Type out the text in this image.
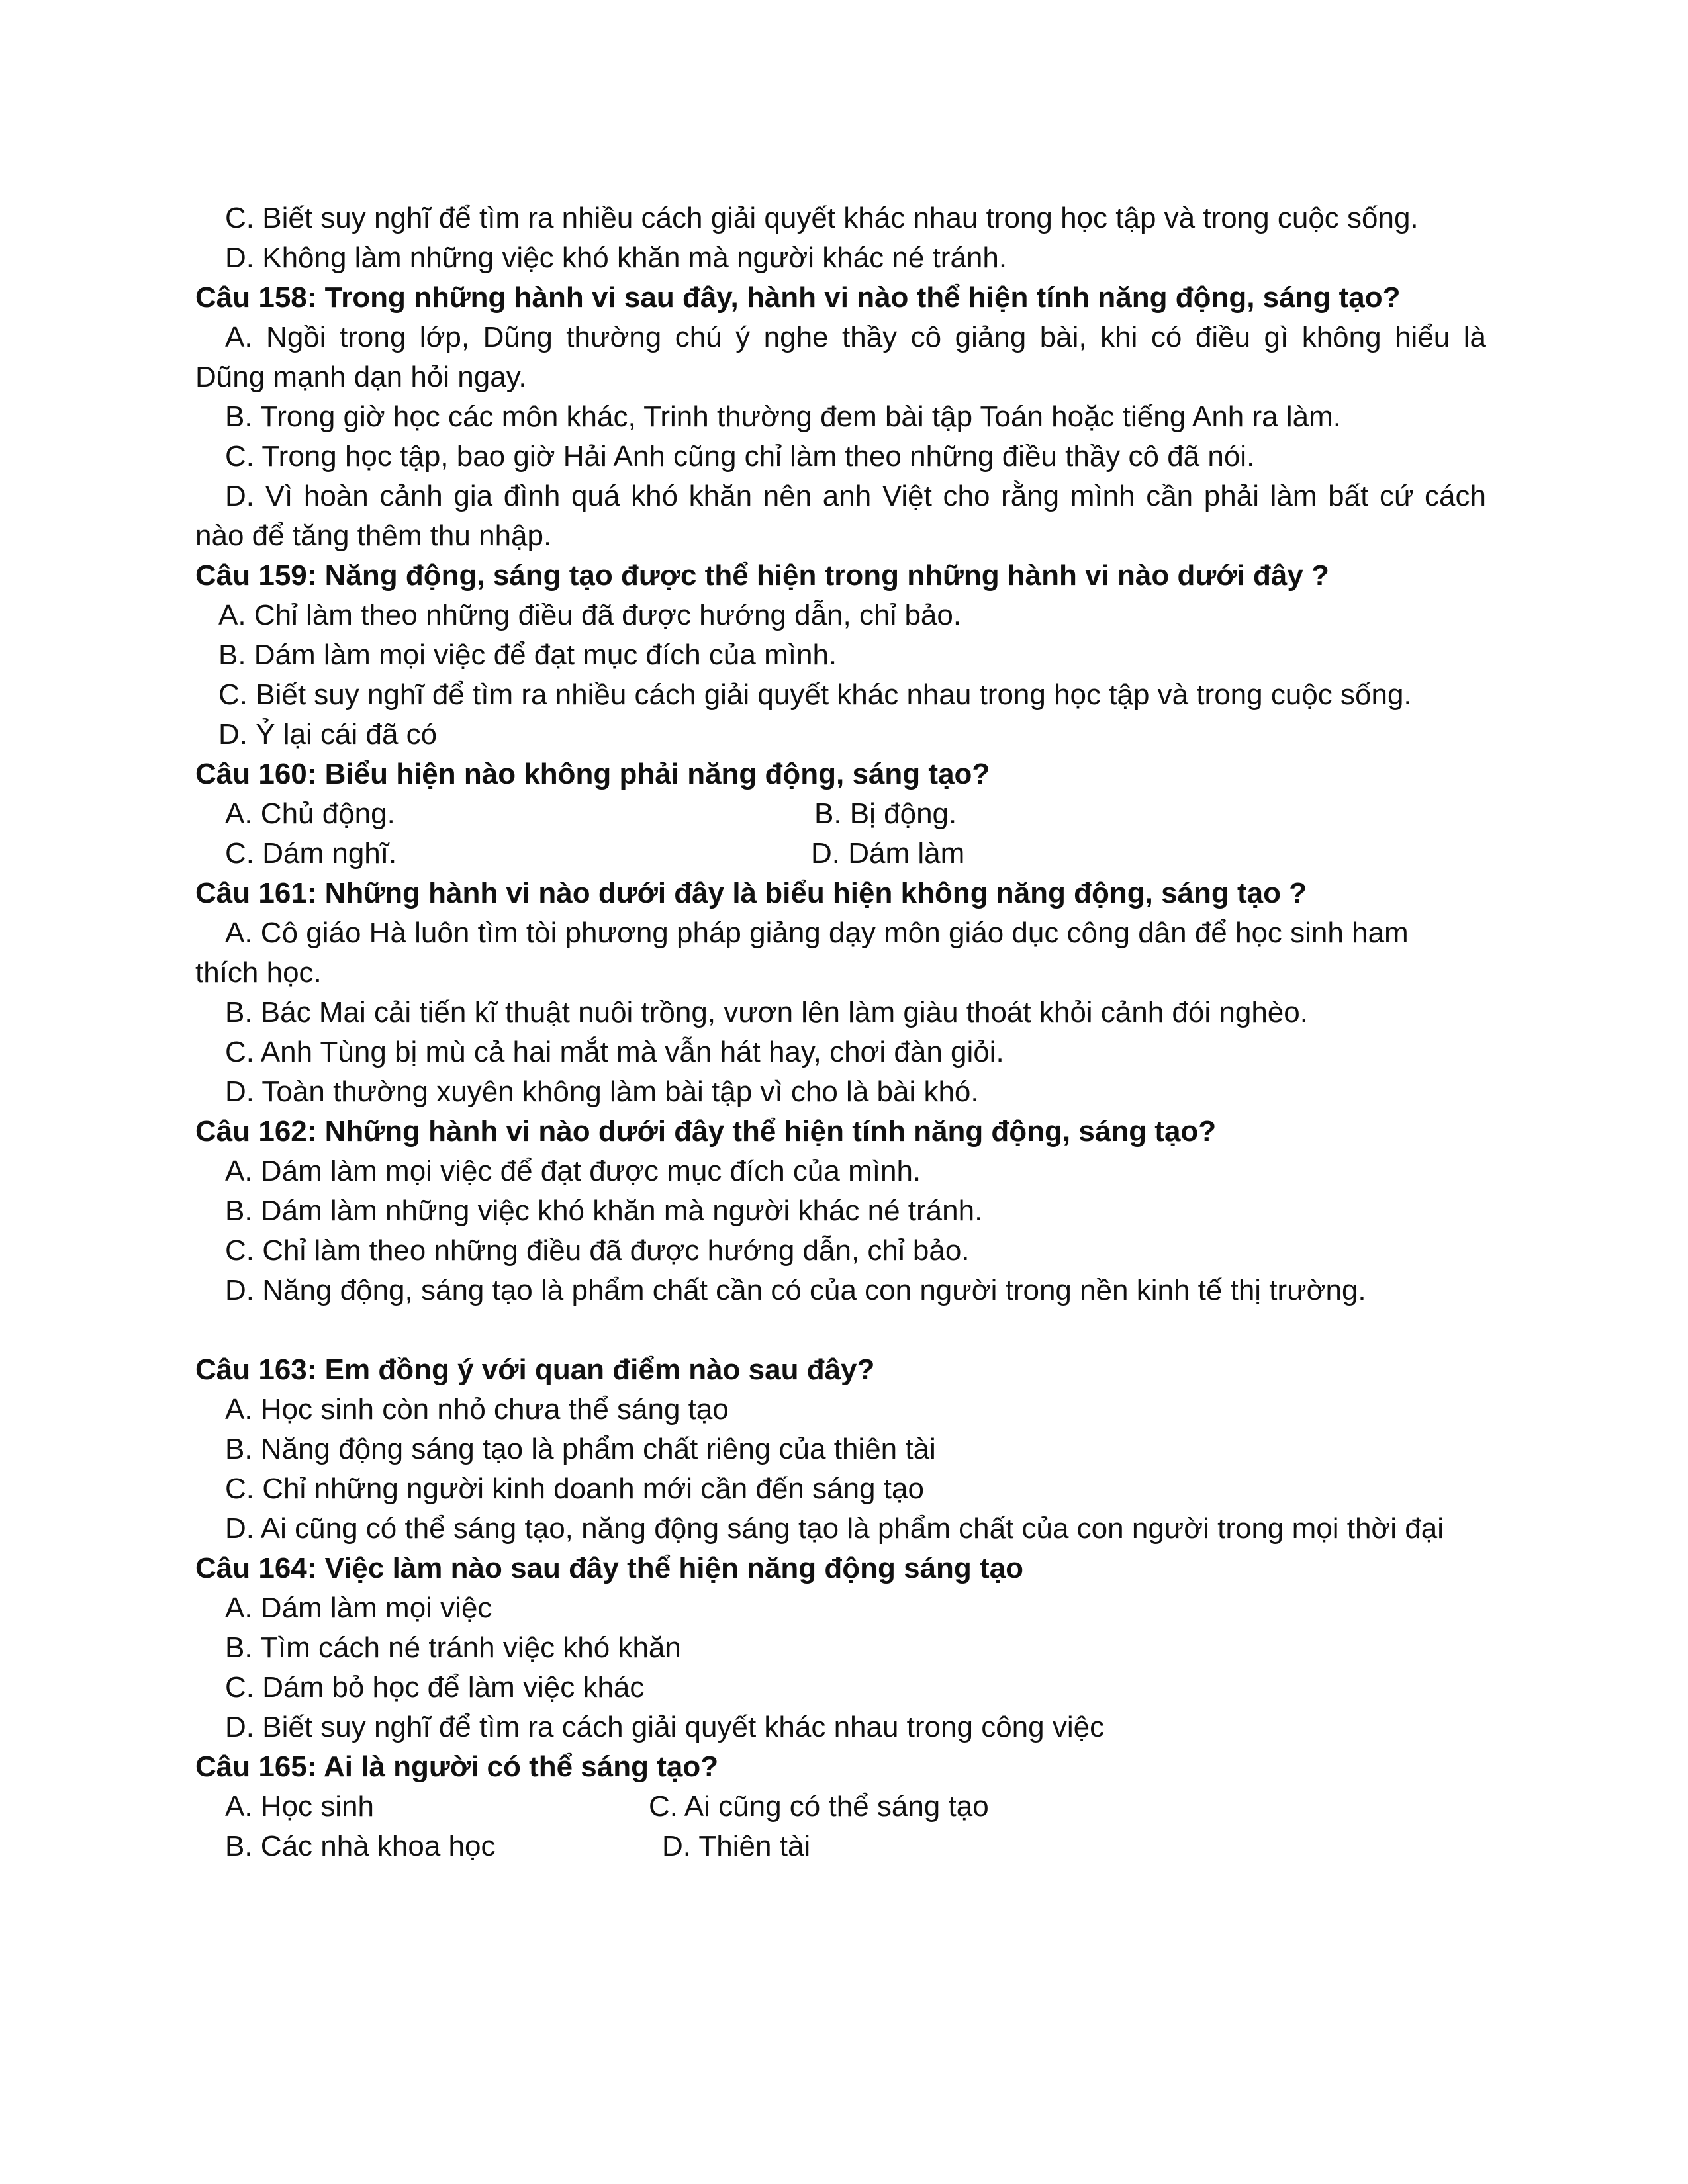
C. Biết suy nghĩ để tìm ra nhiều cách giải quyết khác nhau trong học tập và trong cuộc sống.
D. Không làm những việc khó khăn mà người khác né tránh.
Câu 158: Trong những hành vi sau đây, hành vi nào thể hiện tính năng động, sáng tạo?
A. Ngồi trong lớp, Dũng thường chú ý nghe thầy cô giảng bài, khi có điều gì không hiểu là
Dũng mạnh dạn hỏi ngay.
B. Trong giờ học các môn khác, Trinh thường đem bài tập Toán hoặc tiếng Anh ra làm.
C. Trong học tập, bao giờ Hải Anh cũng chỉ làm theo những điều thầy cô đã nói.
D. Vì hoàn cảnh gia đình quá khó khăn nên anh Việt cho rằng mình cần phải làm bất cứ cách
nào để tăng thêm thu nhập.
Câu 159: Năng động, sáng tạo được thể hiện trong những hành vi nào dưới đây ?
A. Chỉ làm theo những điều đã được hướng dẫn, chỉ bảo.
B. Dám làm mọi việc để đạt mục đích của mình.
C. Biết suy nghĩ để tìm ra nhiều cách giải quyết khác nhau trong học tập và trong cuộc sống.
D. Ỷ lại cái đã có
Câu 160: Biểu hiện nào không phải năng động, sáng tạo?
A. Chủ động.	B. Bị động.
C. Dám nghĩ.	D. Dám làm
Câu 161: Những hành vi nào dưới đây là biểu hiện không năng động, sáng tạo ?
A. Cô giáo Hà luôn tìm tòi phương pháp giảng dạy môn giáo dục công dân để học sinh ham
thích học.
B. Bác Mai cải tiến kĩ thuật nuôi trồng, vươn lên làm giàu thoát khỏi cảnh đói nghèo.
C. Anh Tùng bị mù cả hai mắt mà vẫn hát hay, chơi đàn giỏi.
D. Toàn thường xuyên không làm bài tập vì cho là bài khó.
Câu 162: Những hành vi nào dưới đây thể hiện tính năng động, sáng tạo?
A. Dám làm mọi việc để đạt được mục đích của mình.
B. Dám làm những việc khó khăn mà người khác né tránh.
C. Chỉ làm theo những điều đã được hướng dẫn, chỉ bảo.
D. Năng động, sáng tạo là phẩm chất cần có của con người trong nền kinh tế thị trường.
Câu 163: Em đồng ý với quan điểm nào sau đây?
A. Học sinh còn nhỏ chưa thể sáng tạo
B. Năng động sáng tạo là phẩm chất riêng của thiên tài
C. Chỉ những người kinh doanh mới cần đến sáng tạo
D. Ai cũng có thể sáng tạo, năng động sáng tạo là phẩm chất của con người trong mọi thời đại
Câu 164: Việc làm nào sau đây thể hiện năng động sáng tạo
A. Dám làm mọi việc
B. Tìm cách né tránh việc khó khăn
C. Dám bỏ học để làm việc khác
D. Biết suy nghĩ để tìm ra cách giải quyết khác nhau trong công việc
Câu 165: Ai là người có thể sáng tạo?
A. Học sinh	C. Ai cũng có thể sáng tạo
B. Các nhà khoa học	D. Thiên tài
